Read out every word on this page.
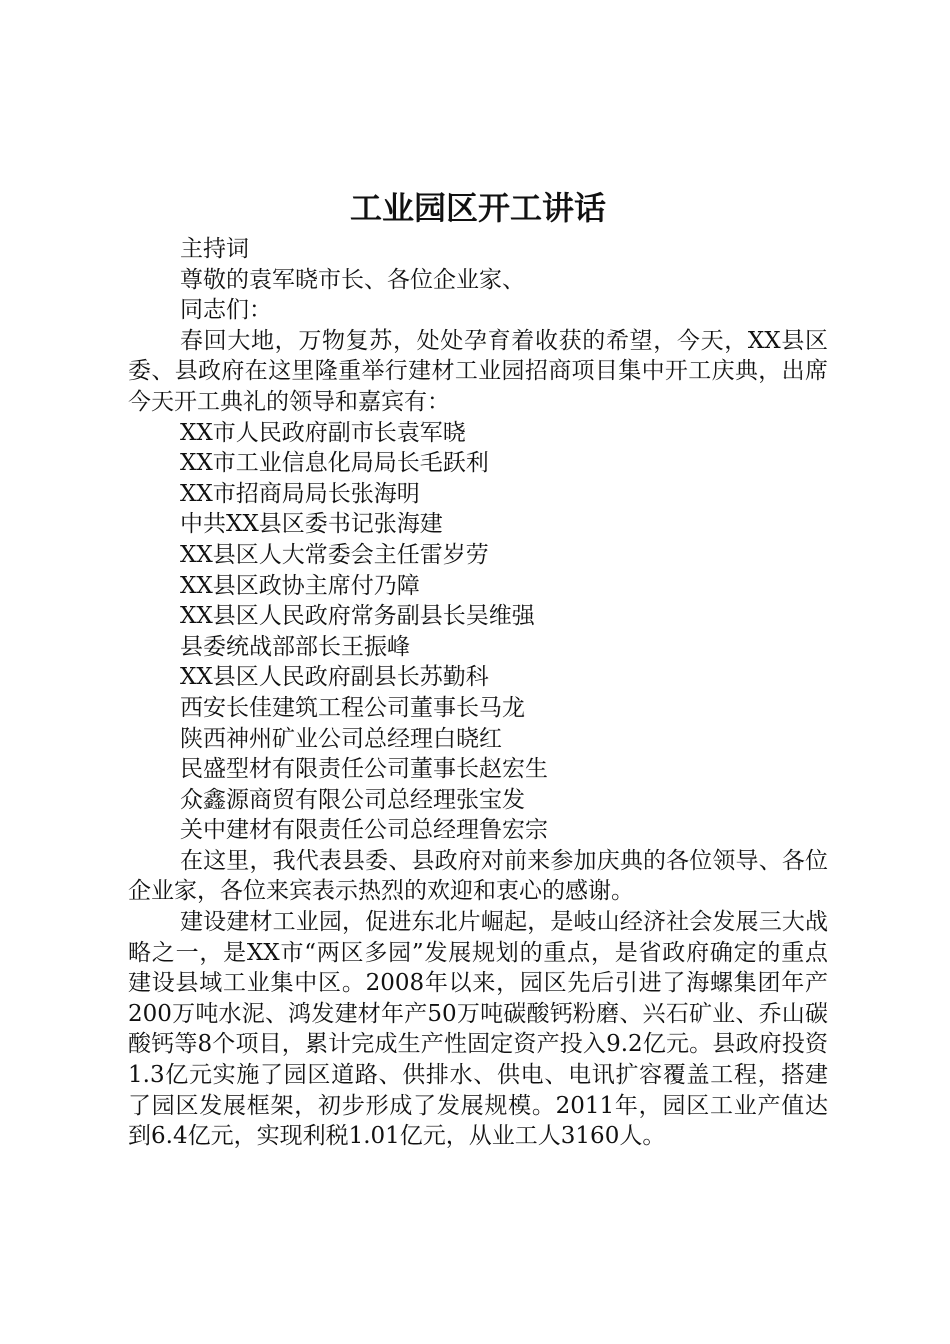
工业园区开工讲话

主持词

尊敬的袁军晓市长、各位企业家、

同志们：

春回大地，万物复苏，处处孕育着收获的希望，今天，XX县区委、县政府在这里隆重举行建材工业园招商项目集中开工庆典，出席今天开工典礼的领导和嘉宾有：

XX市人民政府副市长袁军晓

XX市工业信息化局局长毛跃利

XX市招商局局长张海明

中共XX县区委书记张海建

XX县区人大常委会主任雷岁劳

XX县区政协主席付乃障

XX县区人民政府常务副县长吴维强

县委统战部部长王振峰

XX县区人民政府副县长苏勤科

西安长佳建筑工程公司董事长马龙

陕西神州矿业公司总经理白晓红

民盛型材有限责任公司董事长赵宏生

众鑫源商贸有限公司总经理张宝发

关中建材有限责任公司总经理鲁宏宗

在这里，我代表县委、县政府对前来参加庆典的各位领导、各位企业家，各位来宾表示热烈的欢迎和衷心的感谢。

建设建材工业园，促进东北片崛起，是岐山经济社会发展三大战略之一，是XX市“两区多园”发展规划的重点，是省政府确定的重点建设县域工业集中区。2008年以来，园区先后引进了海螺集团年产200万吨水泥、鸿发建材年产50万吨碳酸钙粉磨、兴石矿业、乔山碳酸钙等8个项目，累计完成生产性固定资产投入9.2亿元。县政府投资1.3亿元实施了园区道路、供排水、供电、电讯扩容覆盖工程，搭建了园区发展框架，初步形成了发展规模。2011年，园区工业产值达到6.4亿元，实现利税1.01亿元，从业工人3160人。
